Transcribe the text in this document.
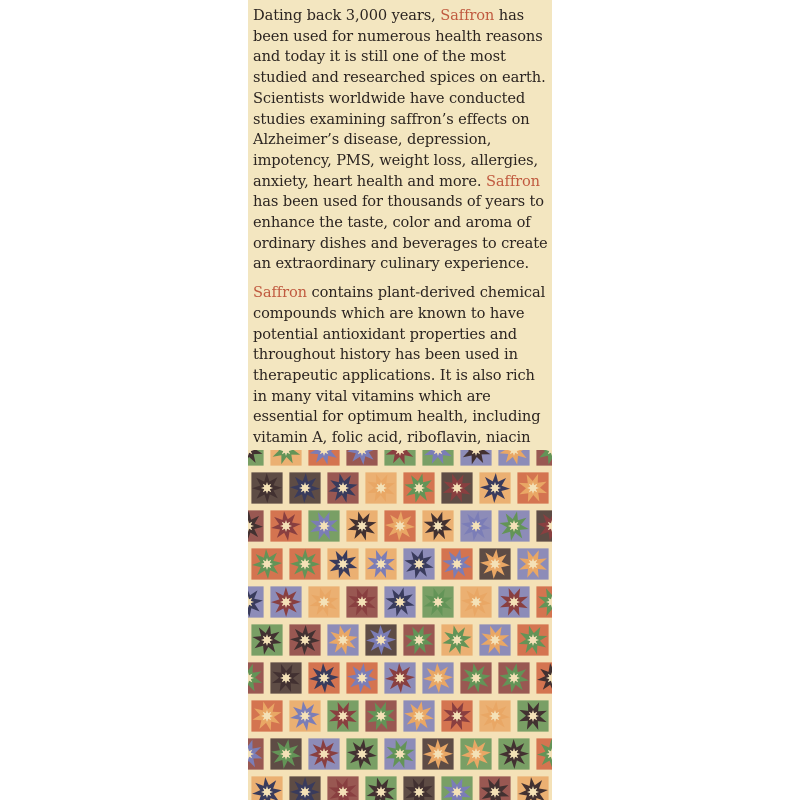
Dating back 3,000 years, Saffron has been used for numerous health reasons and today it is still one of the most studied and researched spices on earth. Scientists worldwide have conducted studies examining saffron’s effects on Alzheimer’s disease, depression, impotency, PMS, weight loss, allergies, anxiety, heart health and more. Saffron has been used for thousands of years to enhance the taste, color and aroma of ordinary dishes and beverages to create an extraordinary culinary experience.

Saffron contains plant-derived chemical compounds which are known to have potential antioxidant properties and throughout history has been used in therapeutic applications. It is also rich in many vital vitamins which are essential for optimum health, including vitamin A, folic acid, riboflavin, niacin
